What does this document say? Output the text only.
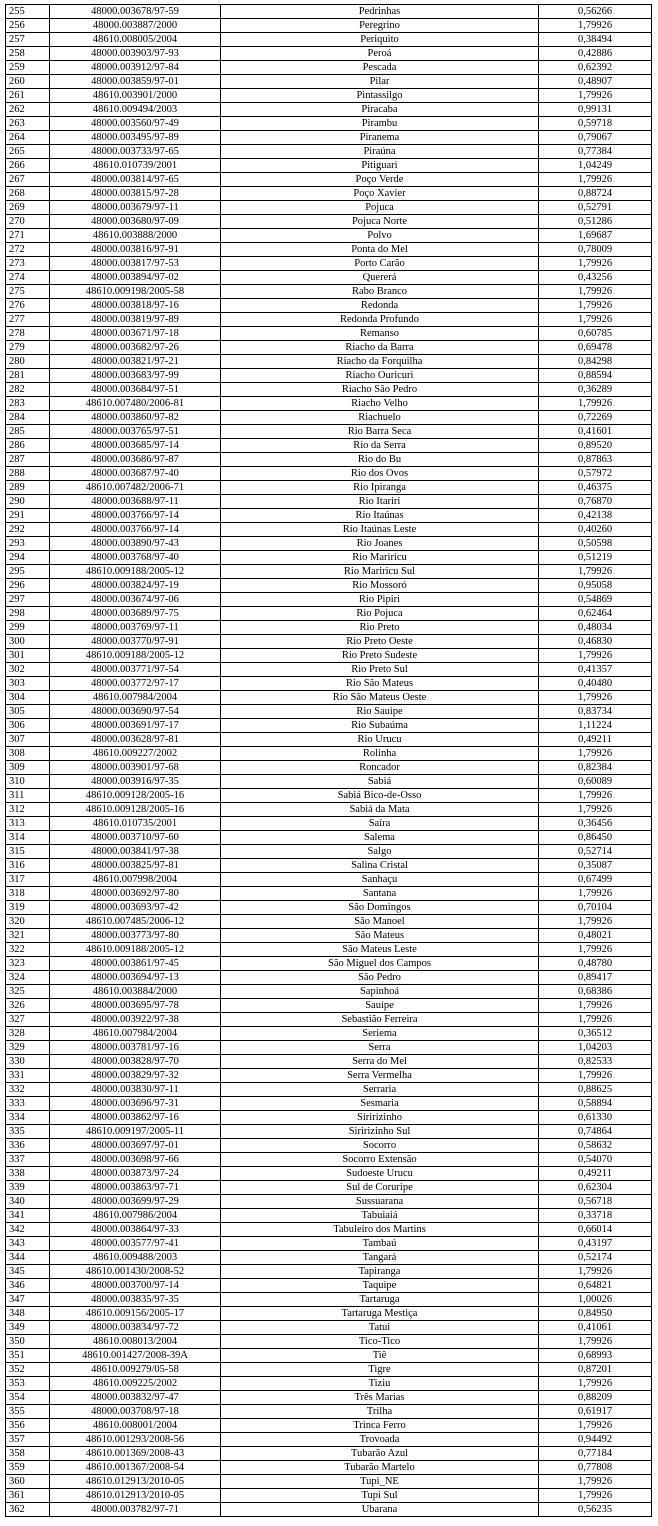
255	48000.003678/97-59	Pedrinhas	0,56266
256	48000.003887/2000	Peregrino	1,79926
257	48610.008005/2004	Periquito	0,38494
258	48000.003903/97-93	Peroá	0,42886
259	48000.003912/97-84	Pescada	0,62392
260	48000.003859/97-01	Pilar	0,48907
261	48610.003901/2000	Pintassilgo	1,79926
262	48610.009494/2003	Piracaba	0,99131
263	48000.003560/97-49	Pirambu	0,59718
264	48000.003495/97-89	Piranema	0,79067
265	48000.003733/97-65	Piraúna	0,77384
266	48610.010739/2001	Pitiguari	1,04249
267	48000.003814/97-65	Poço Verde	1,79926
268	48000.003815/97-28	Poço Xavier	0,88724
269	48000.003679/97-11	Pojuca	0,52791
270	48000.003680/97-09	Pojuca Norte	0,51286
271	48610.003888/2000	Polvo	1,69687
272	48000.003816/97-91	Ponta do Mel	0,78009
273	48000.003817/97-53	Porto Carão	1,79926
274	48000.003894/97-02	Quererá	0,43256
275	48610.009198/2005-58	Rabo Branco	1,79926
276	48000.003818/97-16	Redonda	1,79926
277	48000.003819/97-89	Redonda Profundo	1,79926
278	48000.003671/97-18	Remanso	0,60785
279	48000.003682/97-26	Riacho da Barra	0,69478
280	48000.003821/97-21	Riacho da Forquilha	0,84298
281	48000.003683/97-99	Riacho Ouricuri	0,88594
282	48000.003684/97-51	Riacho São Pedro	0,36289
283	48610.007480/2006-81	Riacho Velho	1,79926
284	48000.003860/97-82	Riachuelo	0,72269
285	48000.003765/97-51	Rio Barra Seca	0,41601
286	48000.003685/97-14	Rio da Serra	0,89520
287	48000.003686/97-87	Rio do Bu	0,87863
288	48000.003687/97-40	Rio dos Ovos	0,57972
289	48610.007482/2006-71	Rio Ipiranga	0,46375
290	48000.003688/97-11	Rio Itariri	0,76870
291	48000.003766/97-14	Rio Itaúnas	0,42138
292	48000.003766/97-14	Rio Itaúnas Leste	0,40260
293	48000.003890/97-43	Rio Joanes	0,50598
294	48000.003768/97-40	Rio Mariricu	0,51219
295	48610.009188/2005-12	Rio Mariricu Sul	1,79926
296	48000.003824/97-19	Rio Mossoró	0,95058
297	48000.003674/97-06	Rio Pipiri	0,54869
298	48000.003689/97-75	Rio Pojuca	0,62464
299	48000.003769/97-11	Rio Preto	0,48034
300	48000.003770/97-91	Rio Preto Oeste	0,46830
301	48610.009188/2005-12	Rio Preto Sudeste	1,79926
302	48000.003771/97-54	Rio Preto Sul	0,41357
303	48000.003772/97-17	Rio São Mateus	0,40480
304	48610.007984/2004	Rio São Mateus Oeste	1,79926
305	48000.003690/97-54	Rio Sauipe	0,83734
306	48000.003691/97-17	Rio Subaúma	1,11224
307	48000.003628/97-81	Rio Urucu	0,49211
308	48610.009227/2002	Rolinha	1,79926
309	48000.003901/97-68	Roncador	0,82384
310	48000.003916/97-35	Sabiá	0,60089
311	48610.009128/2005-16	Sabiá Bico-de-Osso	1,79926
312	48610.009128/2005-16	Sabiá da Mata	1,79926
313	48610.010735/2001	Saíra	0,36456
314	48000.003710/97-60	Salema	0,86450
315	48000.003841/97-38	Salgo	0,52714
316	48000.003825/97-81	Salina Cristal	0,35087
317	48610.007998/2004	Sanhaçu	0,67499
318	48000.003692/97-80	Santana	1,79926
319	48000.003693/97-42	São Domingos	0,70104
320	48610.007485/2006-12	São Manoel	1,79926
321	48000.003773/97-80	São Mateus	0,48021
322	48610.009188/2005-12	São Mateus Leste	1,79926
323	48000.003861/97-45	São Miguel dos Campos	0,48780
324	48000.003694/97-13	São Pedro	0,89417
325	48610.003884/2000	Sapinhoá	0,68386
326	48000.003695/97-78	Sauípe	1,79926
327	48000.003922/97-38	Sebastião Ferreira	1,79926
328	48610.007984/2004	Seriema	0,36512
329	48000.003781/97-16	Serra	1,04203
330	48000.003828/97-70	Serra do Mel	0,82533
331	48000.003829/97-32	Serra Vermelha	1,79926
332	48000.003830/97-11	Serraria	0,88625
333	48000.003696/97-31	Sesmaria	0,58894
334	48000.003862/97-16	Siririzinho	0,61330
335	48610.009197/2005-11	Siririzinho Sul	0,74864
336	48000.003697/97-01	Socorro	0,58632
337	48000.003698/97-66	Socorro Extensão	0,54070
338	48000.003873/97-24	Sudoeste Urucu	0,49211
339	48000.003863/97-71	Sul de Coruripe	0,62304
340	48000.003699/97-29	Sussuarana	0,56718
341	48610.007986/2004	Tabuiaiá	0,33718
342	48000.003864/97-33	Tabuleiro dos Martins	0,66014
343	48000.003577/97-41	Tambaú	0,43197
344	48610.009488/2003	Tangará	0,52174
345	48610.001430/2008-52	Tapiranga	1,79926
346	48000.003700/97-14	Taquipe	0,64821
347	48000.003835/97-35	Tartaruga	1,00026
348	48610.009156/2005-17	Tartaruga Mestiça	0,84950
349	48000.003834/97-72	Tatui	0,41061
350	48610.008013/2004	Tico-Tico	1,79926
351	48610.001427/2008-39A	Tiê	0,68993
352	48610.009279/05-58	Tigre	0,87201
353	48610.009225/2002	Tiziu	1,79926
354	48000.003832/97-47	Três Marias	0,88209
355	48000.003708/97-18	Trilha	0,61917
356	48610.008001/2004	Trinca Ferro	1,79926
357	48610.001293/2008-56	Trovoada	0,94492
358	48610.001369/2008-43	Tubarão Azul	0,77184
359	48610.001367/2008-54	Tubarão Martelo	0,77808
360	48610.012913/2010-05	Tupi_NE	1,79926
361	48610.012913/2010-05	Tupi Sul	1,79926
362	48000.003782/97-71	Ubarana	0,56235
